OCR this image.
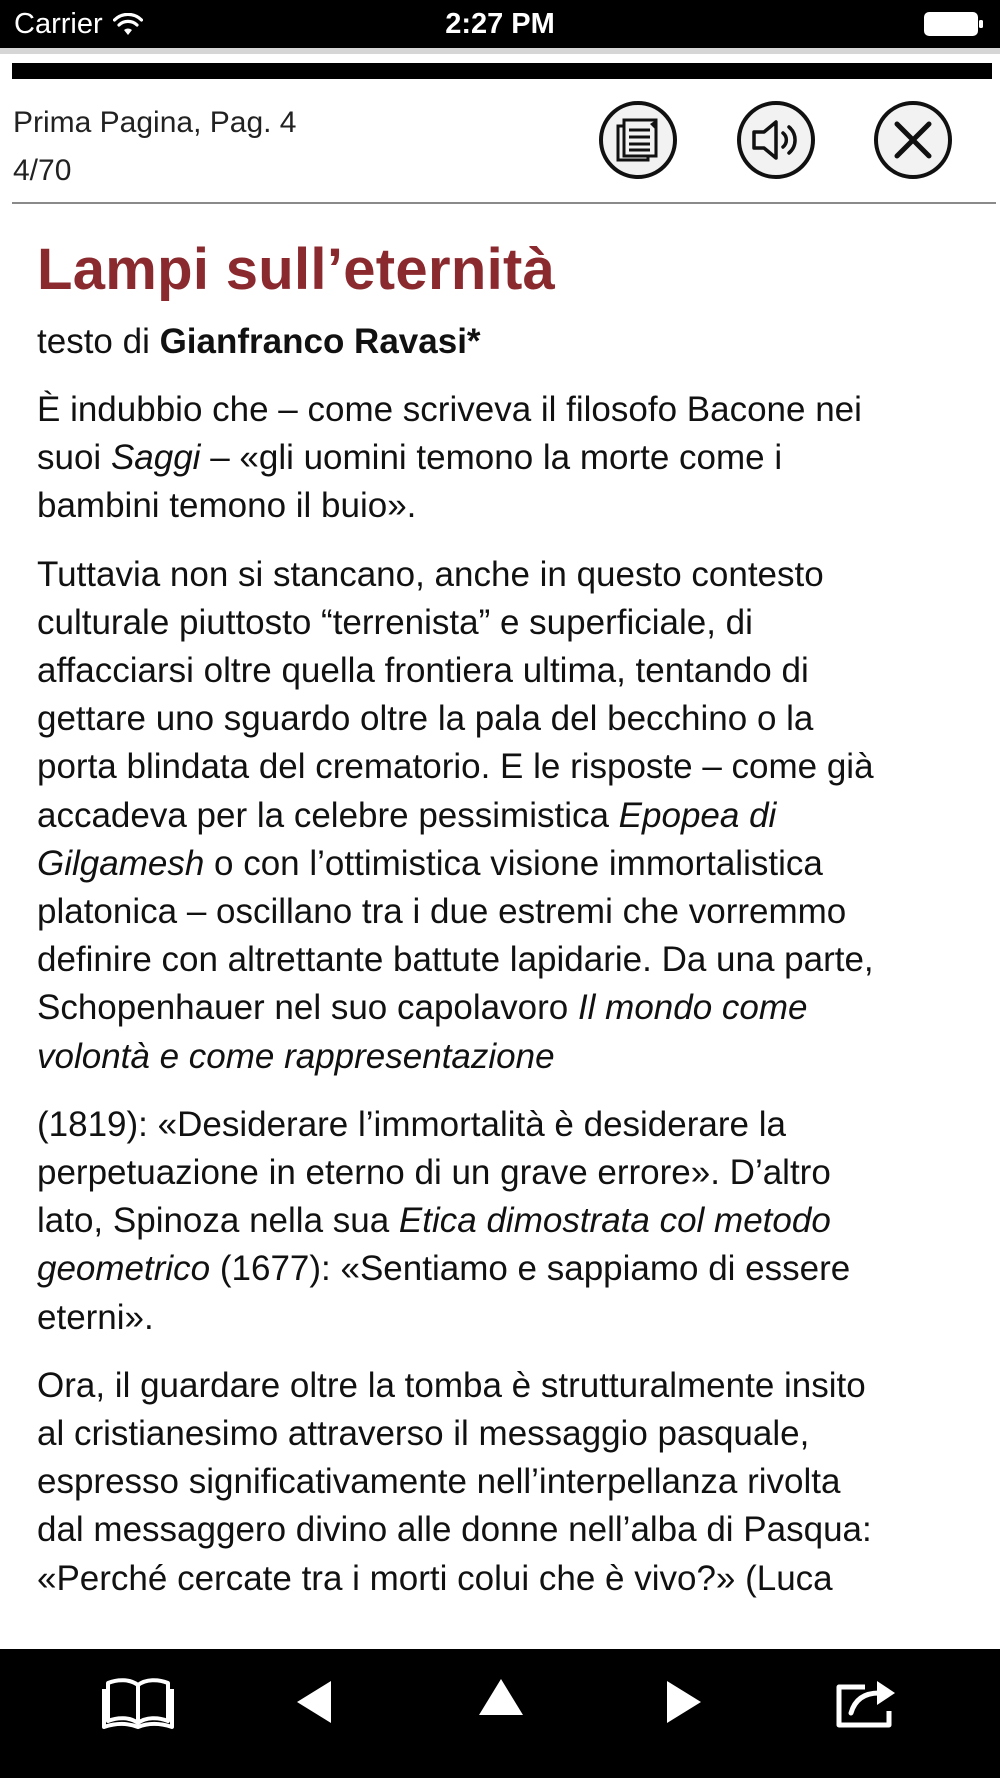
Carrier	2:27 PM
Prima Pagina, Pag. 4
4/70
Lampi sull’eternità

testo di Gianfranco Ravasi*

È indubbio che – come scriveva il filosofo Bacone nei
suoi Saggi – «gli uomini temono la morte come i
bambini temono il buio».

Tuttavia non si stancano, anche in questo contesto
culturale piuttosto “terrenista” e superficiale, di
affacciarsi oltre quella frontiera ultima, tentando di
gettare uno sguardo oltre la pala del becchino o la
porta blindata del crematorio. E le risposte – come già
accadeva per la celebre pessimistica Epopea di
Gilgamesh o con l’ottimistica visione immortalistica
platonica – oscillano tra i due estremi che vorremmo
definire con altrettante battute lapidarie. Da una parte,
Schopenhauer nel suo capolavoro Il mondo come
volontà e come rappresentazione

(1819): «Desiderare l’immortalità è desiderare la
perpetuazione in eterno di un grave errore». D’altro
lato, Spinoza nella sua Etica dimostrata col metodo
geometrico (1677): «Sentiamo e sappiamo di essere
eterni».

Ora, il guardare oltre la tomba è strutturalmente insito
al cristianesimo attraverso il messaggio pasquale,
espresso significativamente nell’interpellanza rivolta
dal messaggero divino alle donne nell’alba di Pasqua:
«Perché cercate tra i morti colui che è vivo?» (Luca
